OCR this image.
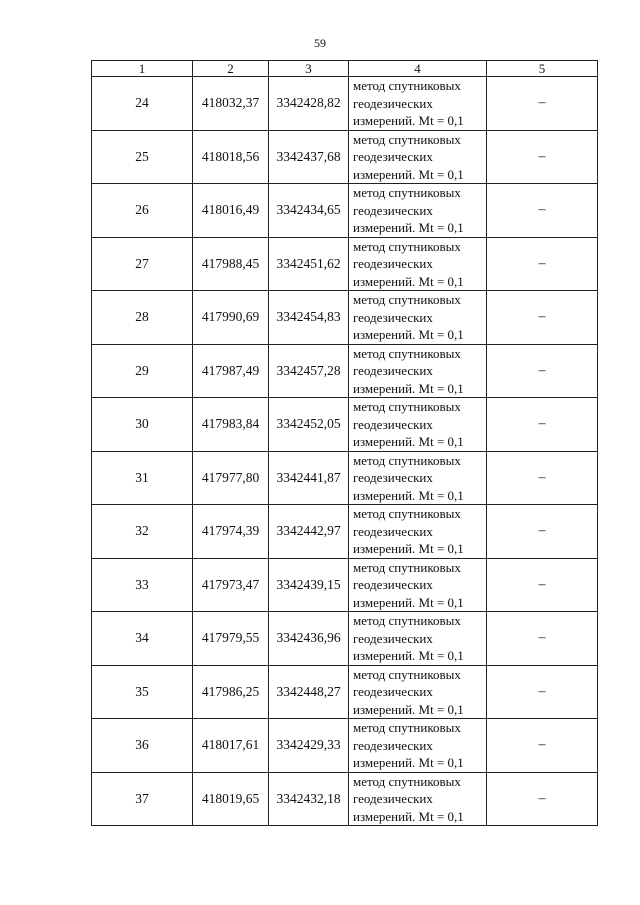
59
1	2	3	4	5
24	418032,37	3342428,82	метод спутниковых
геодезических
измерений. Mt = 0,1	–
25	418018,56	3342437,68	метод спутниковых
геодезических
измерений. Mt = 0,1	–
26	418016,49	3342434,65	метод спутниковых
геодезических
измерений. Mt = 0,1	–
27	417988,45	3342451,62	метод спутниковых
геодезических
измерений. Mt = 0,1	–
28	417990,69	3342454,83	метод спутниковых
геодезических
измерений. Mt = 0,1	–
29	417987,49	3342457,28	метод спутниковых
геодезических
измерений. Mt = 0,1	–
30	417983,84	3342452,05	метод спутниковых
геодезических
измерений. Mt = 0,1	–
31	417977,80	3342441,87	метод спутниковых
геодезических
измерений. Mt = 0,1	–
32	417974,39	3342442,97	метод спутниковых
геодезических
измерений. Mt = 0,1	–
33	417973,47	3342439,15	метод спутниковых
геодезических
измерений. Mt = 0,1	–
34	417979,55	3342436,96	метод спутниковых
геодезических
измерений. Mt = 0,1	–
35	417986,25	3342448,27	метод спутниковых
геодезических
измерений. Mt = 0,1	–
36	418017,61	3342429,33	метод спутниковых
геодезических
измерений. Mt = 0,1	–
37	418019,65	3342432,18	метод спутниковых
геодезических
измерений. Mt = 0,1	–
